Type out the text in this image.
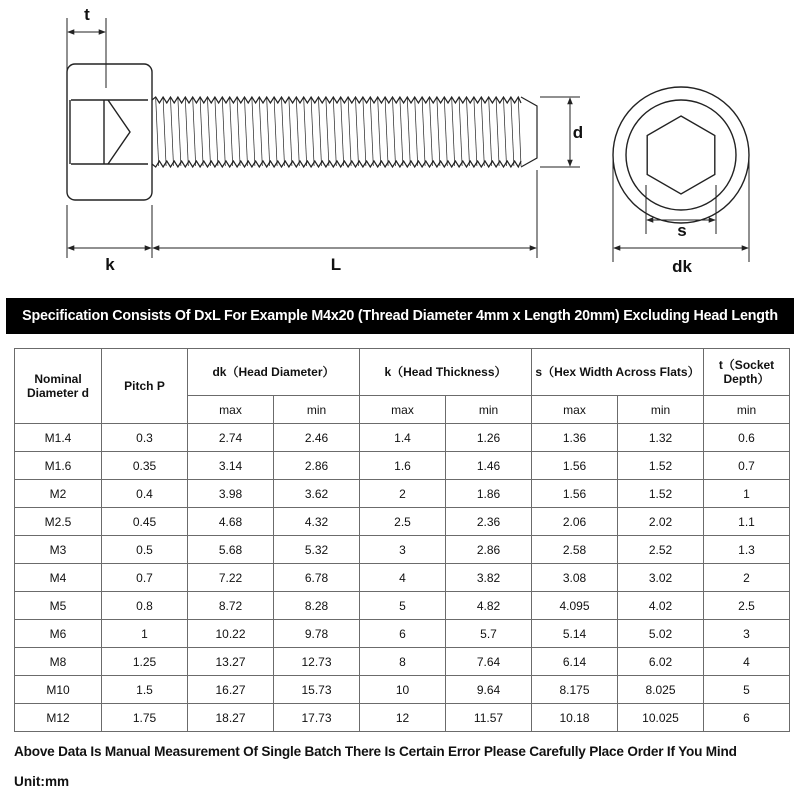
t
k	L
d
s
dk
Specification Consists Of DxL For Example M4x20 (Thread Diameter 4mm x Length 20mm) Excluding Head Length
Nominal Diameter d	Pitch P	dk（Head Diameter）		k（Head Thickness）		s（Hex Width Across Flats）		t（Socket Depth）
		max	min	max	min	max	min	min
M1.4	0.3	2.74	2.46	1.4	1.26	1.36	1.32	0.6
M1.6	0.35	3.14	2.86	1.6	1.46	1.56	1.52	0.7
M2	0.4	3.98	3.62	2	1.86	1.56	1.52	1
M2.5	0.45	4.68	4.32	2.5	2.36	2.06	2.02	1.1
M3	0.5	5.68	5.32	3	2.86	2.58	2.52	1.3
M4	0.7	7.22	6.78	4	3.82	3.08	3.02	2
M5	0.8	8.72	8.28	5	4.82	4.095	4.02	2.5
M6	1	10.22	9.78	6	5.7	5.14	5.02	3
M8	1.25	13.27	12.73	8	7.64	6.14	6.02	4
M10	1.5	16.27	15.73	10	9.64	8.175	8.025	5
M12	1.75	18.27	17.73	12	11.57	10.18	10.025	6
Above Data Is Manual Measurement Of Single Batch There Is Certain Error Please Carefully Place Order If You Mind
Unit:mm
